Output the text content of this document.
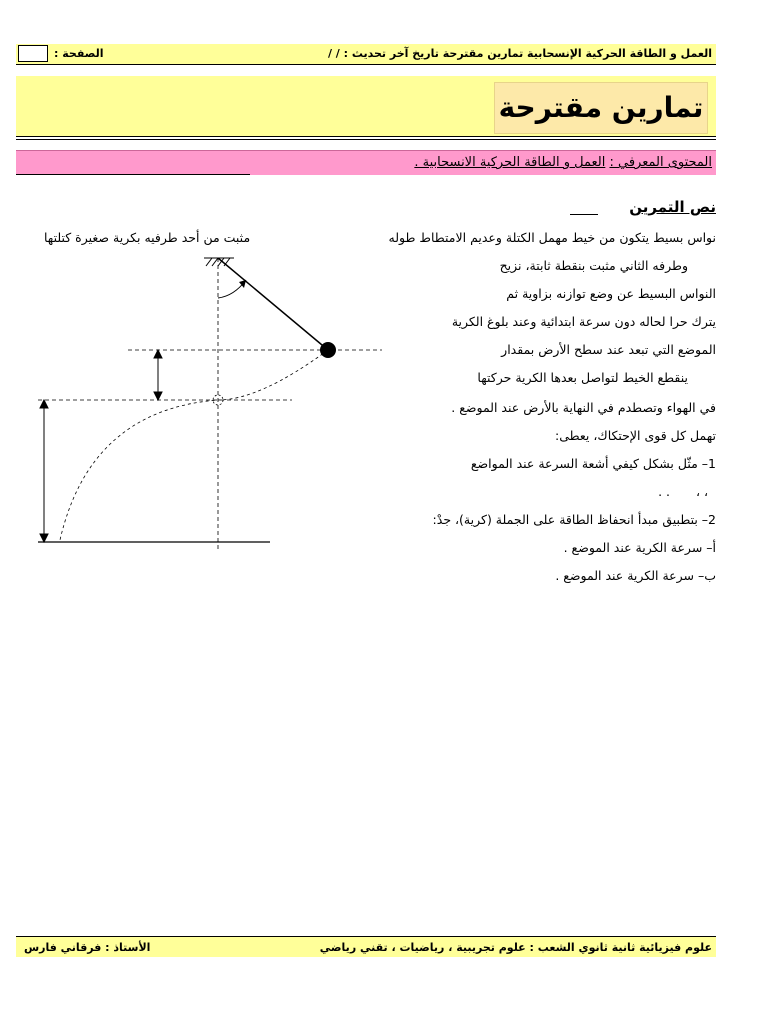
العمل و الطاقة الحركية الإنسحابية تمارين مقترحة تاريخ آخر تحديث : / /
الصفحة :
تمارين مقترحة
المحتوى المعرفي : العمل و الطاقة الحركية الانسحابية .
نص التمرين
نواس بسيط يتكون من خيط مهمل الكتلة وعديم الامتطاط طوله
مثبت من أحد طرفيه بكرية صغيرة كتلتها
وطرفه الثاني مثبت بنقطة ثابتة، نزيح
النواس البسيط عن وضع توازنه بزاوية ثم
يترك حرا لحاله دون سرعة ابتدائية وعند بلوغ الكرية
الموضع التي تبعد عند سطح الأرض بمقدار
ينقطع الخيط لتواصل بعدها الكرية حركتها
في الهواء وتصطدم في النهاية بالأرض عند الموضع .
تهمل كل قوى الإحتكاك، يعطى:
1– مثّل بشكل كيفي أشعة السرعة عند المواضع
، ،
. .
2– بتطبيق مبدأ انحفاظ الطاقة على الجملة (كرية)، جدْ:
أ– سرعة الكرية عند الموضع .
ب– سرعة الكرية عند الموضع .
علوم فيزيائية ثانية ثانوي الشعب : علوم تجريبية ، رياضيات ، تقني رياضي
الأستاذ : فرقاني فارس
